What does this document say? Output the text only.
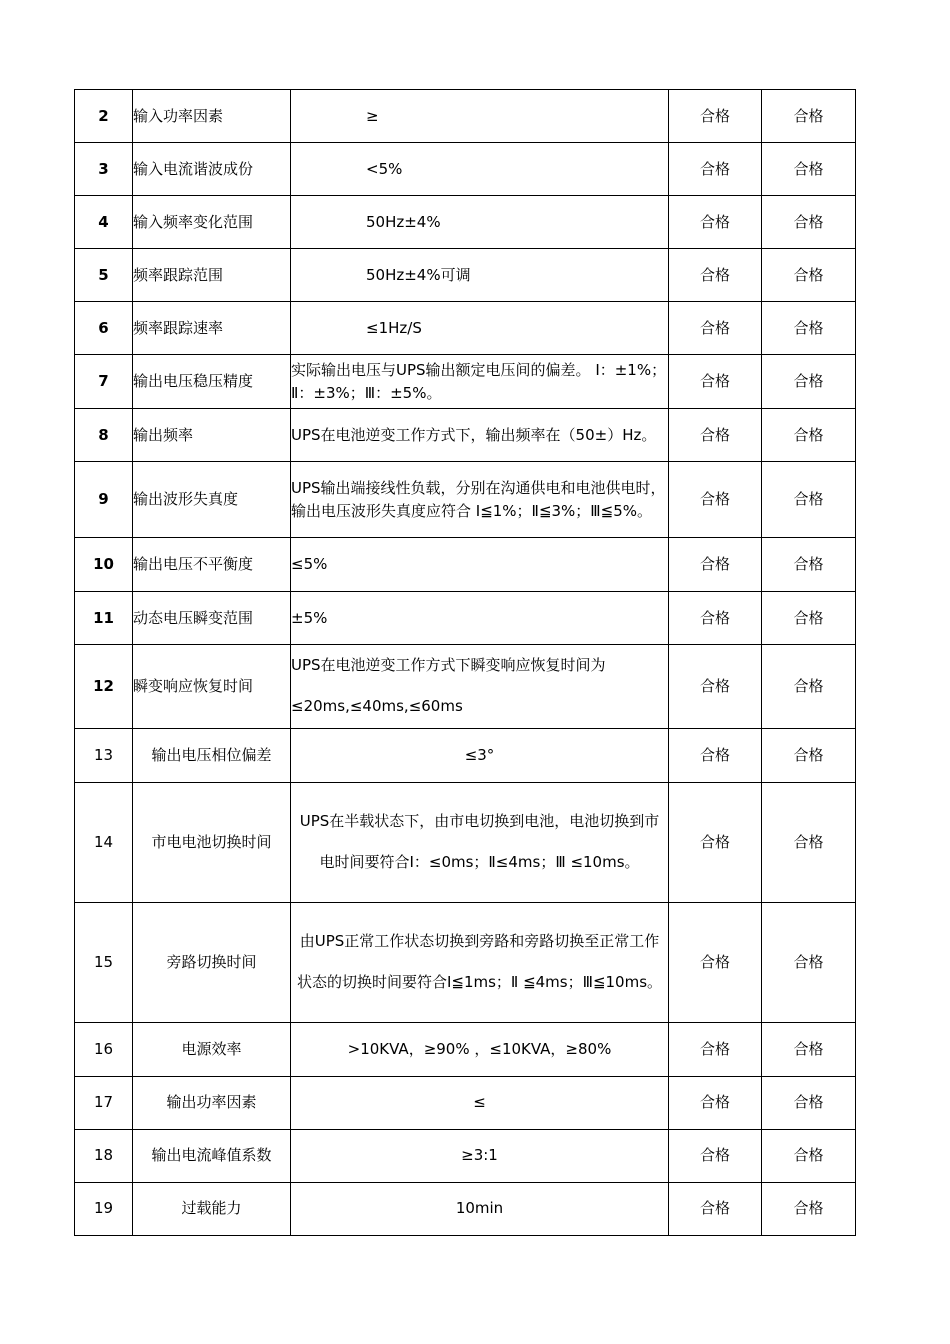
2	输入功率因素	≥	合格	合格
3	输入电流谐波成份	<5%	合格	合格
4	输入频率变化范围	50Hz±4%	合格	合格
5	频率跟踪范围	50Hz±4%可调	合格	合格
6	频率跟踪速率	≤1Hz/S	合格	合格
7	输出电压稳压精度	实际输出电压与UPS输出额定电压间的偏差。 Ⅰ：±1%；Ⅱ：±3%；Ⅲ：±5%。	合格	合格
8	输出频率	UPS在电池逆变工作方式下，输出频率在（50±）Hz。	合格	合格
9	输出波形失真度	UPS输出端接线性负载，分别在沟通供电和电池供电时，输出电压波形失真度应符合 Ⅰ≦1%；Ⅱ≦3%；Ⅲ≦5%。	合格	合格
10	输出电压不平衡度	≤5%	合格	合格
11	动态电压瞬变范围	±5%	合格	合格
12	瞬变响应恢复时间	UPS在电池逆变工作方式下瞬变响应恢复时间为 ≤20ms,≤40ms,≤60ms	合格	合格
13	输出电压相位偏差	≤3°	合格	合格
14	市电电池切换时间	UPS在半载状态下，由市电切换到电池，电池切换到市电时间要符合Ⅰ：≤0ms；Ⅱ≤4ms；Ⅲ ≤10ms。	合格	合格
15	旁路切换时间	由UPS正常工作状态切换到旁路和旁路切换至正常工作状态的切换时间要符合Ⅰ≦1ms；Ⅱ ≦4ms；Ⅲ≦10ms。	合格	合格
16	电源效率	>10KVA，≥90% ，≤10KVA，≥80%	合格	合格
17	输出功率因素	≤	合格	合格
18	输出电流峰值系数	≥3:1	合格	合格
19	过载能力	10min	合格	合格
